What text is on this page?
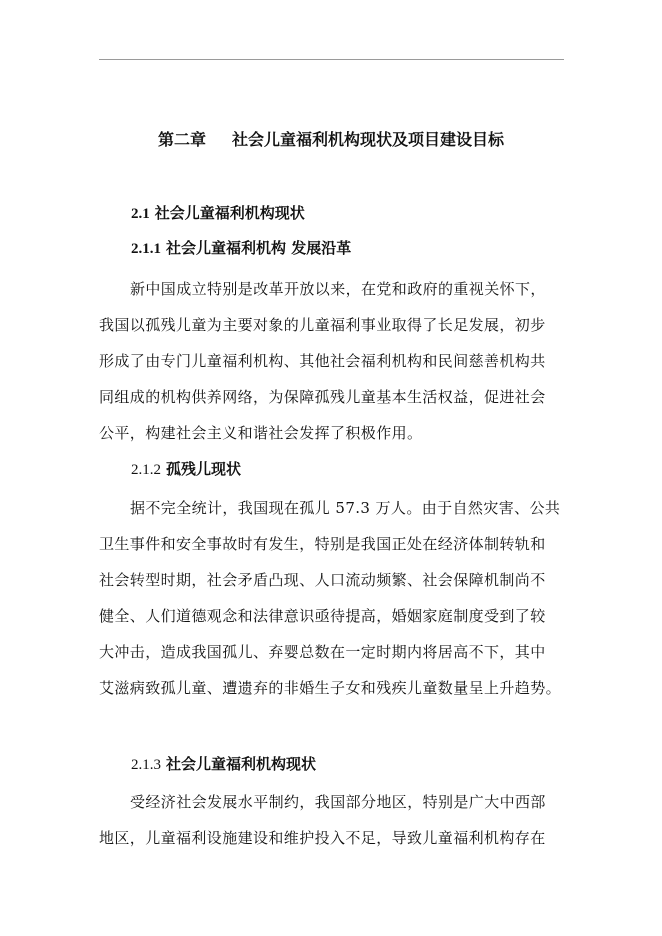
第二章 社会儿童福利机构现状及项目建设目标
2.1 社会儿童福利机构现状
2.1.1 社会儿童福利机构 发展沿革
新中国成立特别是改革开放以来，在党和政府的重视关怀下，
我国以孤残儿童为主要对象的儿童福利事业取得了长足发展，初步
形成了由专门儿童福利机构、其他社会福利机构和民间慈善机构共
同组成的机构供养网络，为保障孤残儿童基本生活权益，促进社会
公平，构建社会主义和谐社会发挥了积极作用。
2.1.2 孤残儿现状
据不完全统计，我国现在孤儿 57.3 万人。由于自然灾害、公共
卫生事件和安全事故时有发生，特别是我国正处在经济体制转轨和
社会转型时期，社会矛盾凸现、人口流动频繁、社会保障机制尚不
健全、人们道德观念和法律意识亟待提高，婚姻家庭制度受到了较
大冲击，造成我国孤儿、弃婴总数在一定时期内将居高不下，其中
艾滋病致孤儿童、遭遗弃的非婚生子女和残疾儿童数量呈上升趋势。
2.1.3 社会儿童福利机构现状
受经济社会发展水平制约，我国部分地区，特别是广大中西部
地区，儿童福利设施建设和维护投入不足，导致儿童福利机构存在
